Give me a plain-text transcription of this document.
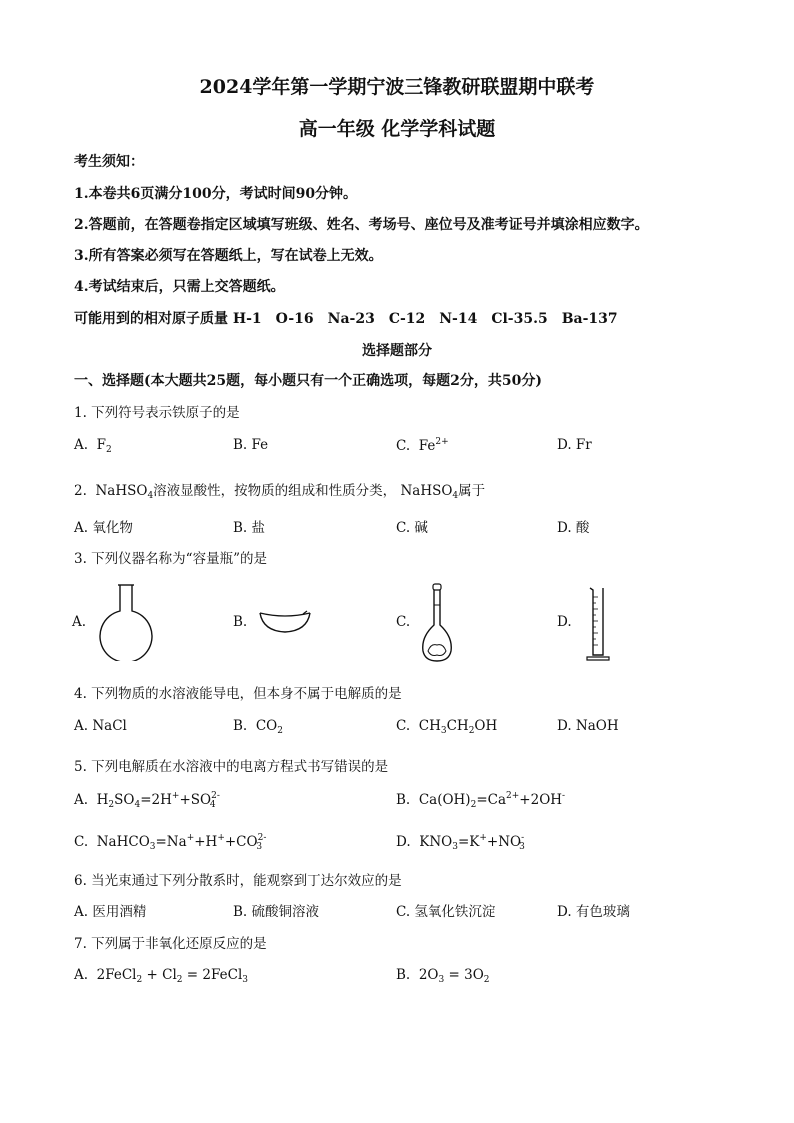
2024学年第一学期宁波三锋教研联盟期中联考
高一年级 化学学科试题
考生须知：
1.本卷共6页满分100分，考试时间90分钟。
2.答题前，在答题卷指定区域填写班级、姓名、考场号、座位号及准考证号并填涂相应数字。
3.所有答案必须写在答题纸上，写在试卷上无效。
4.考试结束后，只需上交答题纸。
可能用到的相对原子质量 H-1　O-16　Na-23　C-12　N-14　Cl-35.5　Ba-137
选择题部分
一、选择题(本大题共25题，每小题只有一个正确选项，每题2分，共50分)
1. 下列符号表示铁原子的是
A. $F_2$	B. Fe	C. $Fe^{2+}$	D. Fr
2. NaHSO$_4$溶液显酸性，按物质的组成和性质分类， NaHSO$_4$属于
A. 氧化物	B. 盐	C. 碱	D. 酸
3. 下列仪器名称为“容量瓶”的是
A.	B.	C.	D.
4. 下列物质的水溶液能导电，但本身不属于电解质的是
A. NaCl	B. $CO_2$	C. $CH_3CH_2OH$	D. NaOH
5. 下列电解质在水溶液中的电离方程式书写错误的是
A. $H_2SO_4=2H^++SO^{2-}_4$	B. $Ca(OH)_2=Ca^{2+}+2OH^-$
C. $NaHCO_3=Na^++H^++CO^{2-}_3$	D. $KNO_3=K^++NO^-_3$
6. 当光束通过下列分散系时，能观察到丁达尔效应的是
A. 医用酒精	B. 硫酸铜溶液	C. 氢氧化铁沉淀	D. 有色玻璃
7. 下列属于非氧化还原反应的是
A. 2FeCl$_2$ + $Cl_2$ = 2FeCl$_3$	B. $2O_3 = 3O_2$
